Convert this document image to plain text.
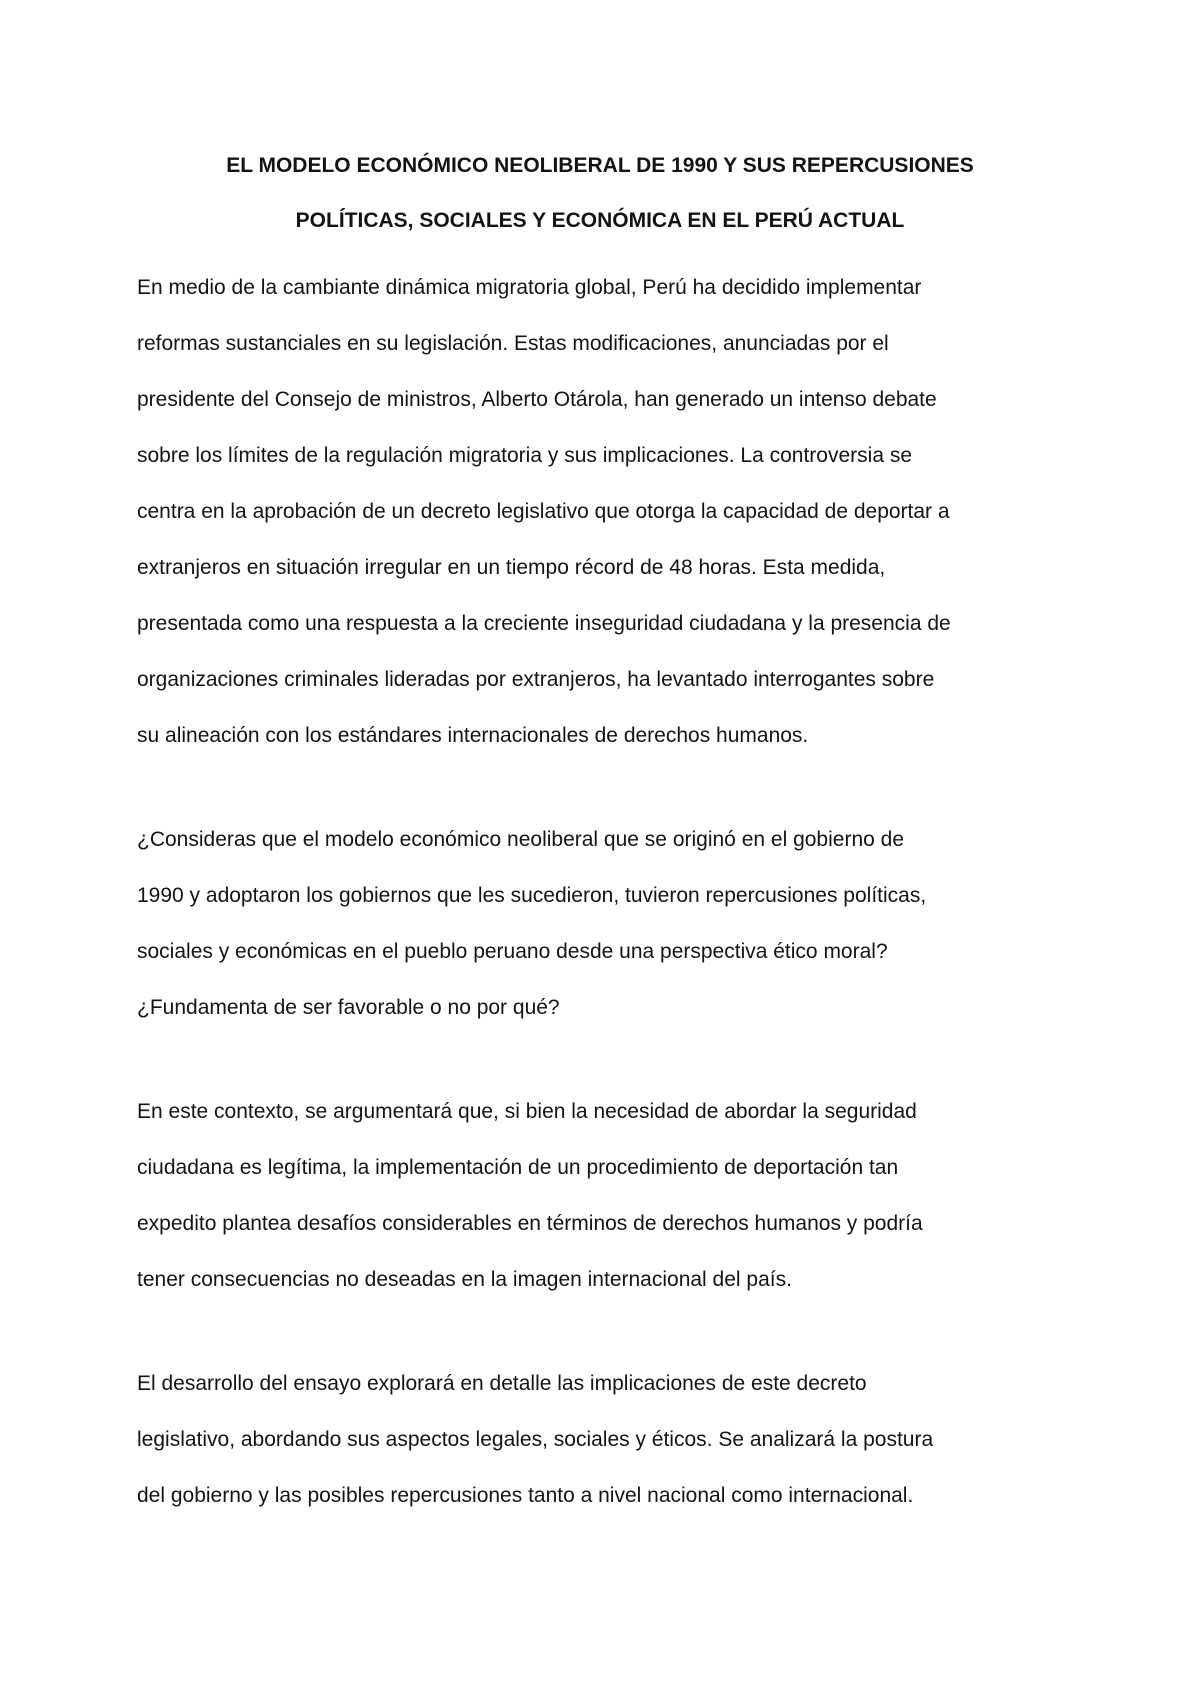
EL MODELO ECONÓMICO NEOLIBERAL DE 1990 Y SUS REPERCUSIONES
POLÍTICAS, SOCIALES Y ECONÓMICA EN EL PERÚ ACTUAL
En medio de la cambiante dinámica migratoria global, Perú ha decidido implementar
reformas sustanciales en su legislación. Estas modificaciones, anunciadas por el
presidente del Consejo de ministros, Alberto Otárola, han generado un intenso debate
sobre los límites de la regulación migratoria y sus implicaciones. La controversia se
centra en la aprobación de un decreto legislativo que otorga la capacidad de deportar a
extranjeros en situación irregular en un tiempo récord de 48 horas. Esta medida,
presentada como una respuesta a la creciente inseguridad ciudadana y la presencia de
organizaciones criminales lideradas por extranjeros, ha levantado interrogantes sobre
su alineación con los estándares internacionales de derechos humanos.
¿Consideras que el modelo económico neoliberal que se originó en el gobierno de
1990 y adoptaron los gobiernos que les sucedieron, tuvieron repercusiones políticas,
sociales y económicas en el pueblo peruano desde una perspectiva ético moral?
¿Fundamenta de ser favorable o no por qué?
En este contexto, se argumentará que, si bien la necesidad de abordar la seguridad
ciudadana es legítima, la implementación de un procedimiento de deportación tan
expedito plantea desafíos considerables en términos de derechos humanos y podría
tener consecuencias no deseadas en la imagen internacional del país.
El desarrollo del ensayo explorará en detalle las implicaciones de este decreto
legislativo, abordando sus aspectos legales, sociales y éticos. Se analizará la postura
del gobierno y las posibles repercusiones tanto a nivel nacional como internacional.
